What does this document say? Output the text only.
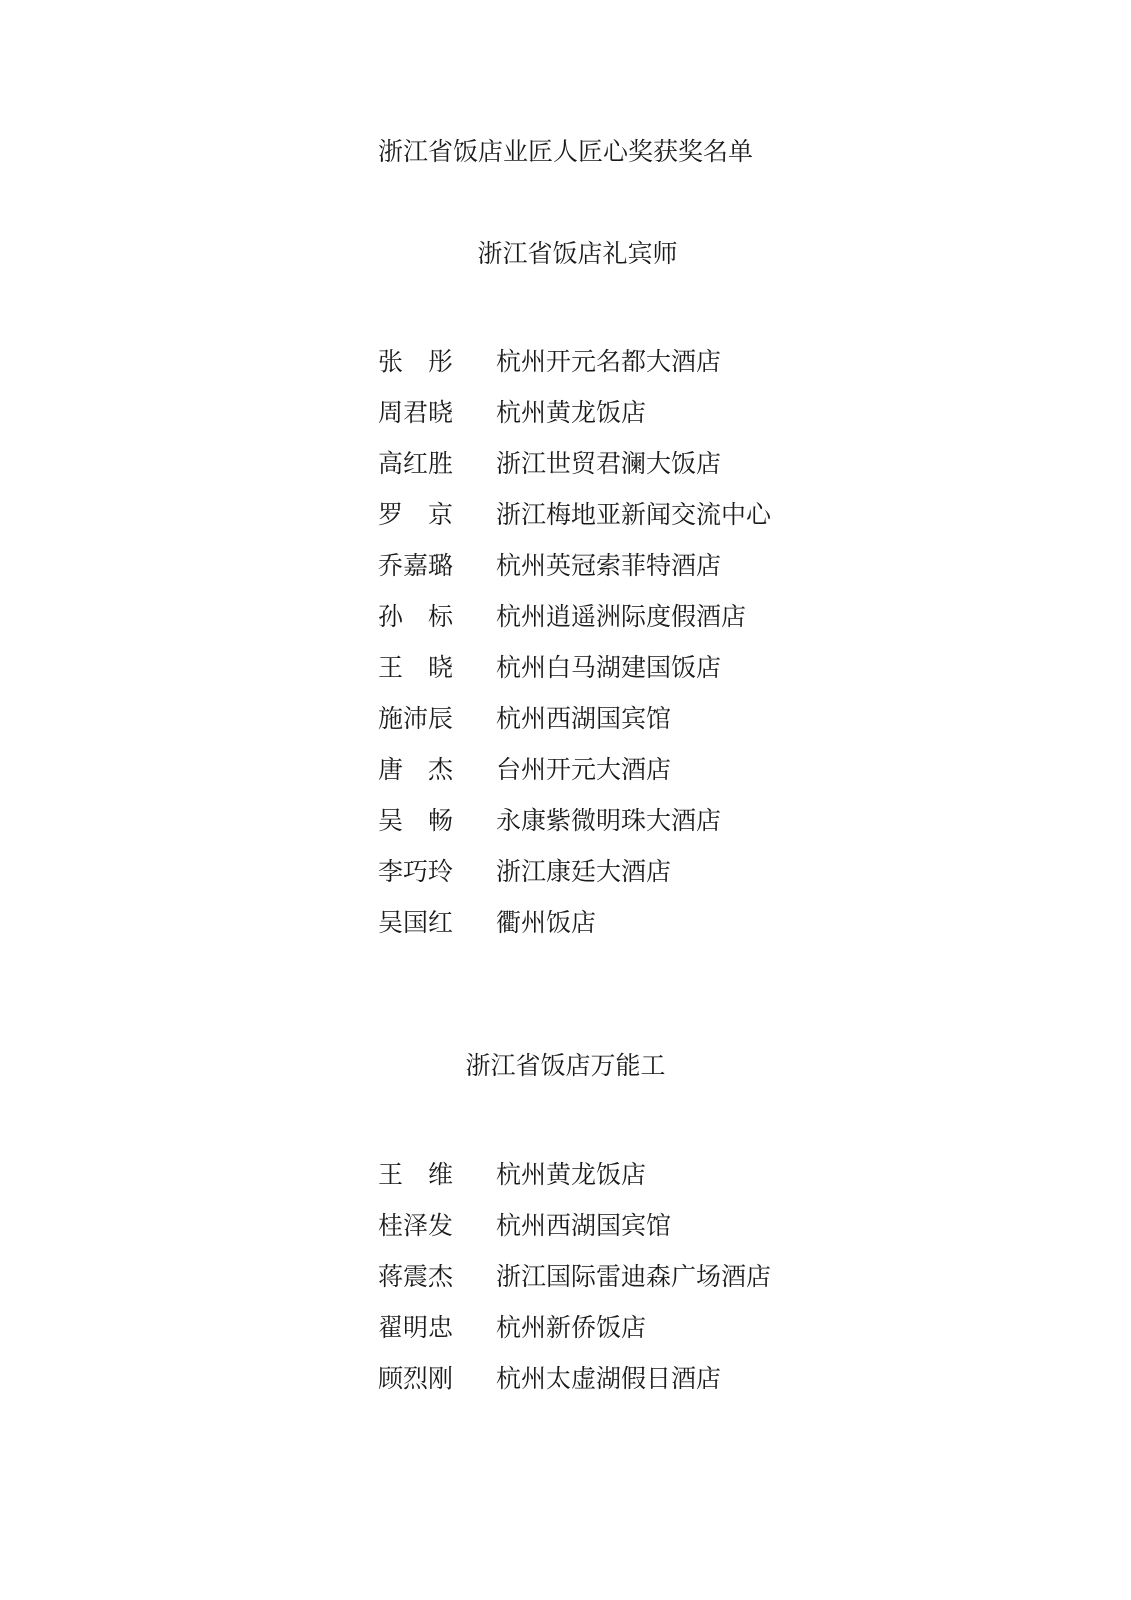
浙江省饭店业匠人匠心奖获奖名单
浙江省饭店礼宾师
张　彤	杭州开元名都大酒店
周君晓	杭州黄龙饭店
高红胜	浙江世贸君澜大饭店
罗　京	浙江梅地亚新闻交流中心
乔嘉璐	杭州英冠索菲特酒店
孙　标	杭州逍遥洲际度假酒店
王　晓	杭州白马湖建国饭店
施沛辰	杭州西湖国宾馆
唐　杰	台州开元大酒店
吴　畅	永康紫微明珠大酒店
李巧玲	浙江康廷大酒店
吴国红	衢州饭店
浙江省饭店万能工
王　维	杭州黄龙饭店
桂泽发	杭州西湖国宾馆
蒋震杰	浙江国际雷迪森广场酒店
翟明忠	杭州新侨饭店
顾烈刚	杭州太虚湖假日酒店
